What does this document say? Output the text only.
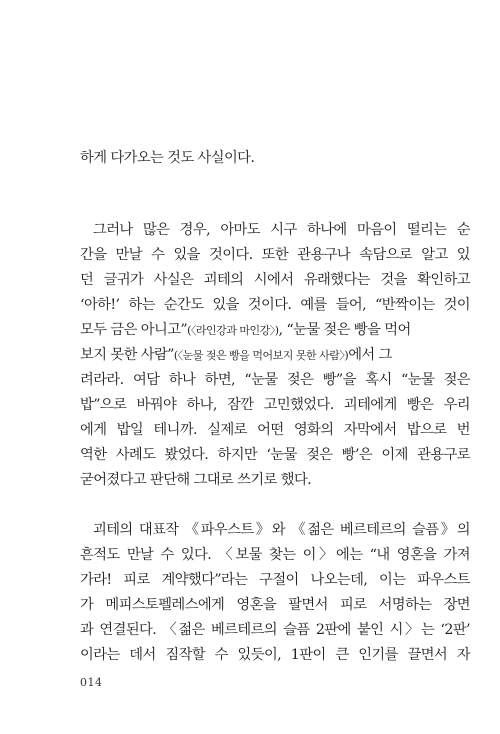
하게 다가오는 것도 사실이다.
그러나 많은 경우, 아마도 시구 하나에 마음이 떨리는 순
간을 만날 수 있을 것이다. 또한 관용구나 속담으로 알고 있
던 글귀가 사실은 괴테의 시에서 유래했다는 것을 확인하고
‘아하!’ 하는 순간도 있을 것이다. 예를 들어, “반짝이는 것이
모두 금은 아니고”(〈라인강과 마인강〉), “눈물 젖은 빵을 먹어
보지 못한 사람”(〈눈물 젖은 빵을 먹어보지 못한 사람〉)에서 그
려라라. 여담 하나 하면, “눈물 젖은 빵”을 혹시 “눈물 젖은
밥”으로 바꿔야 하나, 잠깐 고민했었다. 괴테에게 빵은 우리
에게 밥일 테니까. 실제로 어떤 영화의 자막에서 밥으로 번
역한 사례도 봤었다. 하지만 ‘눈물 젖은 빵’은 이제 관용구로
굳어졌다고 판단해 그대로 쓰기로 했다.
괴테의 대표작 《파우스트》와 《젊은 베르테르의 슬픔》의
흔적도 만날 수 있다. 〈보물 찾는 이〉에는 “내 영혼을 가져
가라! 피로 계약했다”라는 구절이 나오는데, 이는 파우스트
가 메피스토펠레스에게 영혼을 팔면서 피로 서명하는 장면
과 연결된다. 〈젊은 베르테르의 슬픔 2판에 붙인 시〉는 ‘2판’
이라는 데서 짐작할 수 있듯이, 1판이 큰 인기를 끌면서 자
014
